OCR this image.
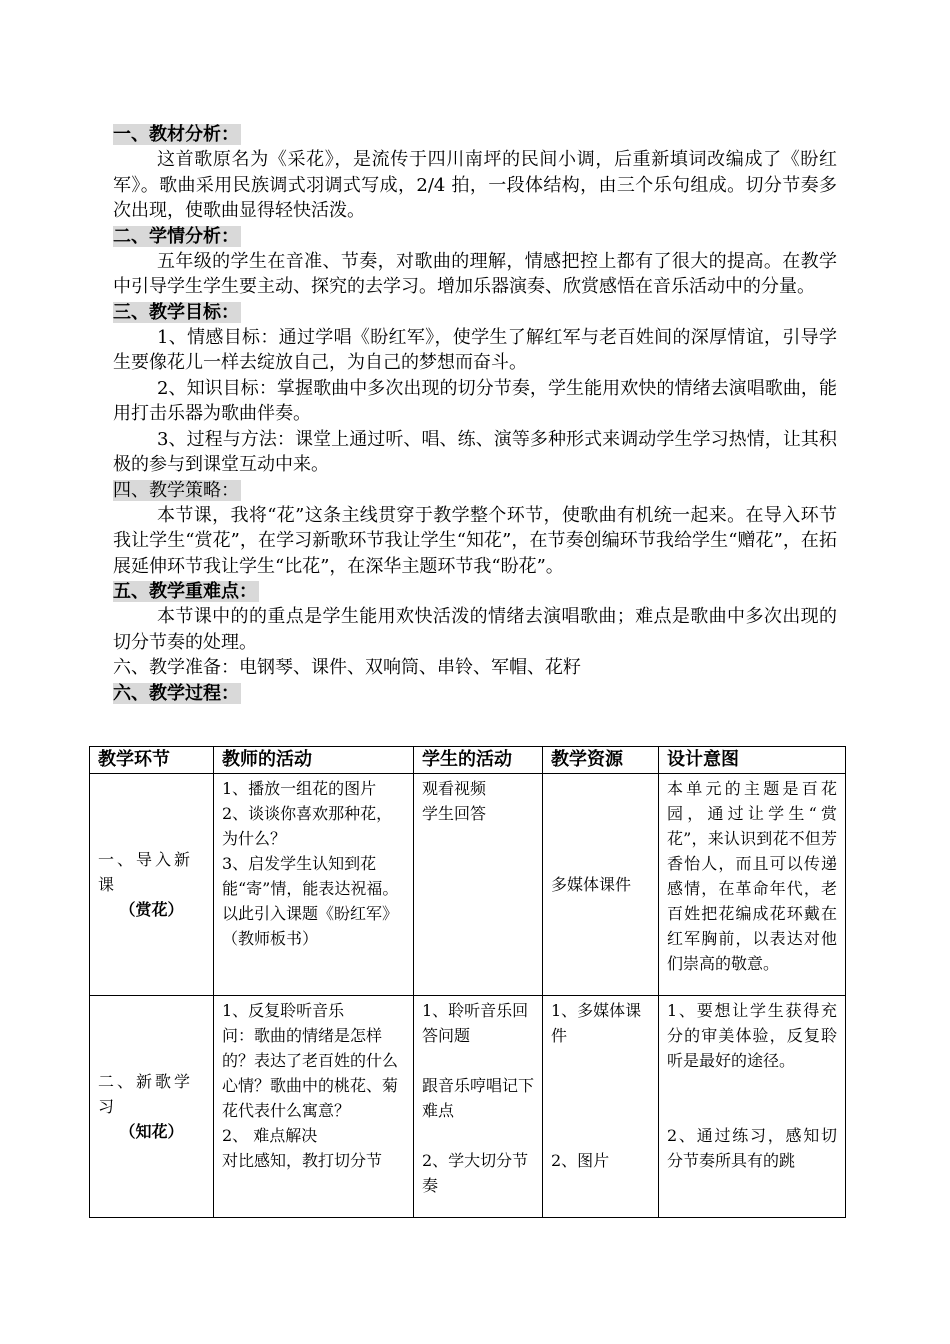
一、教材分析：
这首歌原名为《采花》，是流传于四川南坪的民间小调，后重新填词改编成了《盼红军》。歌曲采用民族调式羽调式写成，2/4 拍，一段体结构，由三个乐句组成。切分节奏多次出现，使歌曲显得轻快活泼。
二、学情分析：
五年级的学生在音准、节奏，对歌曲的理解，情感把控上都有了很大的提高。在教学中引导学生学生要主动、探究的去学习。增加乐器演奏、欣赏感悟在音乐活动中的分量。
三、教学目标：
1、情感目标：通过学唱《盼红军》，使学生了解红军与老百姓间的深厚情谊，引导学生要像花儿一样去绽放自己，为自己的梦想而奋斗。
2、知识目标：掌握歌曲中多次出现的切分节奏，学生能用欢快的情绪去演唱歌曲，能用打击乐器为歌曲伴奏。
3、过程与方法：课堂上通过听、唱、练、演等多种形式来调动学生学习热情，让其积极的参与到课堂互动中来。
四、教学策略：
本节课，我将“花”这条主线贯穿于教学整个环节，使歌曲有机统一起来。在导入环节我让学生“赏花”，在学习新歌环节我让学生“知花”，在节奏创编环节我给学生“赠花”，在拓展延伸环节我让学生“比花”，在深华主题环节我“盼花”。
五、教学重难点：
本节课中的的重点是学生能用欢快活泼的情绪去演唱歌曲；难点是歌曲中多次出现的切分节奏的处理。
六、教学准备：电钢琴、课件、双响筒、串铃、军帽、花籽
六、教学过程：
教学环节	教师的活动	学生的活动	教学资源	设计意图

一、导入新课
（赏花）	1、播放一组花的图片
2、谈谈你喜欢那种花，为什么？
3、启发学生认知到花能“寄”情，能表达祝福。以此引入课题《盼红军》（教师板书）	观看视频
学生回答	多媒体课件	本单元的主题是百花园，通过让学生“赏花”，来认识到花不但芳香怡人，而且可以传递感情，在革命年代，老百姓把花编成花环戴在红军胸前，以表达对他们崇高的敬意。

二、新歌学习
（知花）	1、反复聆听音乐
问：歌曲的情绪是怎样的？表达了老百姓的什么心情？歌曲中的桃花、菊花代表什么寓意？
2、 难点解决
对比感知，教打切分节	1、聆听音乐回答问题
跟音乐哼唱记下难点
2、学大切分节奏	1、多媒体课件
2、图片	1、要想让学生获得充分的审美体验，反复聆听是最好的途径。
2、通过练习，感知切分节奏所具有的跳
